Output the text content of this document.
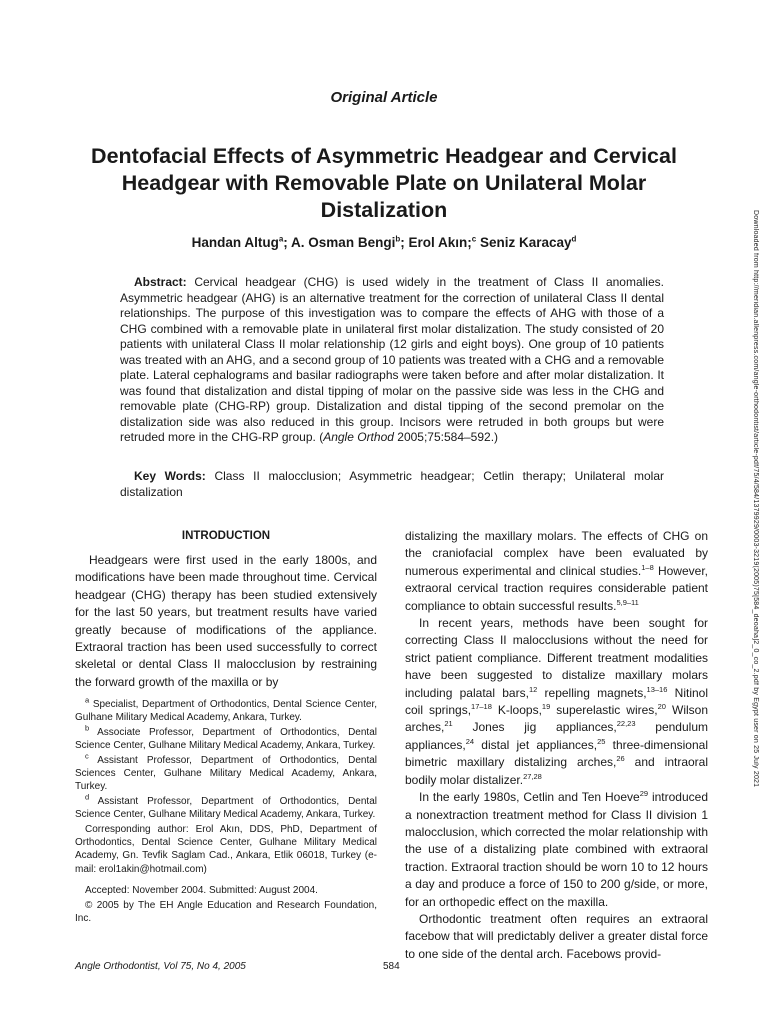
Original Article
Dentofacial Effects of Asymmetric Headgear and Cervical Headgear with Removable Plate on Unilateral Molar Distalization
Handan Altug$^a$; A. Osman Bengi$^b$; Erol Akın;$^c$ Seniz Karacay$^d$

Abstract: Cervical headgear (CHG) is used widely in the treatment of Class II anomalies. Asymmetric headgear (AHG) is an alternative treatment for the correction of unilateral Class II dental relationships. The purpose of this investigation was to compare the effects of AHG with those of a CHG combined with a removable plate in unilateral first molar distalization. The study consisted of 20 patients with unilateral Class II molar relationship (12 girls and eight boys). One group of 10 patients was treated with an AHG, and a second group of 10 patients was treated with a CHG and a removable plate. Lateral cephalograms and basilar radiographs were taken before and after molar distalization. It was found that distalization and distal tipping of molar on the passive side was less in the CHG and removable plate (CHG-RP) group. Distalization and distal tipping of the second premolar on the distalization side was also reduced in this group. Incisors were retruded in both groups but were retruded more in the CHG-RP group. (Angle Orthod 2005;75:584–592.)

Key Words: Class II malocclusion; Asymmetric headgear; Cetlin therapy; Unilateral molar distalization

INTRODUCTION

Headgears were first used in the early 1800s, and modifications have been made throughout time. Cervical headgear (CHG) therapy has been studied extensively for the last 50 years, but treatment results have varied greatly because of modifications of the appliance. Extraoral traction has been used successfully to correct skeletal or dental Class II malocclusion by restraining the forward growth of the maxilla or by

$^a$ Specialist, Department of Orthodontics, Dental Science Center, Gulhane Military Medical Academy, Ankara, Turkey.

$^b$ Associate Professor, Department of Orthodontics, Dental Science Center, Gulhane Military Medical Academy, Ankara, Turkey.

$^c$ Assistant Professor, Department of Orthodontics, Dental Sciences Center, Gulhane Military Medical Academy, Ankara, Turkey.

$^d$ Assistant Professor, Department of Orthodontics, Dental Science Center, Gulhane Military Medical Academy, Ankara, Turkey.

Corresponding author: Erol Akın, DDS, PhD, Department of Orthodontics, Dental Science Center, Gulhane Military Medical Academy, Gn. Tevfik Saglam Cad., Ankara, Etlik 06018, Turkey (e-mail: erol1akin@hotmail.com)

Accepted: November 2004. Submitted: August 2004.

© 2005 by The EH Angle Education and Research Foundation, Inc.

distalizing the maxillary molars. The effects of CHG on the craniofacial complex have been evaluated by numerous experimental and clinical studies.$^{1-8}$ However, extraoral cervical traction requires considerable patient compliance to obtain successful results.$^{5,9-11}$

In recent years, methods have been sought for correcting Class II malocclusions without the need for strict patient compliance. Different treatment modalities have been suggested to distalize maxillary molars including palatal bars,$^{12}$ repelling magnets,$^{13-16}$ Nitinol coil springs,$^{17-18}$ K-loops,$^{19}$ superelastic wires,$^{20}$ Wilson arches,$^{21}$ Jones jig appliances,$^{22,23}$ pendulum appliances,$^{24}$ distal jet appliances,$^{25}$ three-dimensional bimetric maxillary distalizing arches,$^{26}$ and intraoral bodily molar distalizer.$^{27,28}$

In the early 1980s, Cetlin and Ten Hoeve$^{29}$ introduced a nonextraction treatment method for Class II division 1 malocclusion, which corrected the molar relationship with the use of a distalizing plate combined with extraoral traction. Extraoral traction should be worn 10 to 12 hours a day and produce a force of 150 to 200 g/side, or more, for an orthopedic effect on the maxilla.

Orthodontic treatment often requires an extraoral facebow that will predictably deliver a greater distal force to one side of the dental arch. Facebows provid-

Angle Orthodontist, Vol 75, No 4, 2005	584
Downloaded from http://meridian.allenpress.com/angle-orthodontist/article-pdf/75/4/584/1379929/0003-3219(2005)75[584_deoaha]2_0_co_2.pdf by Egypt user on 25 July 2021
